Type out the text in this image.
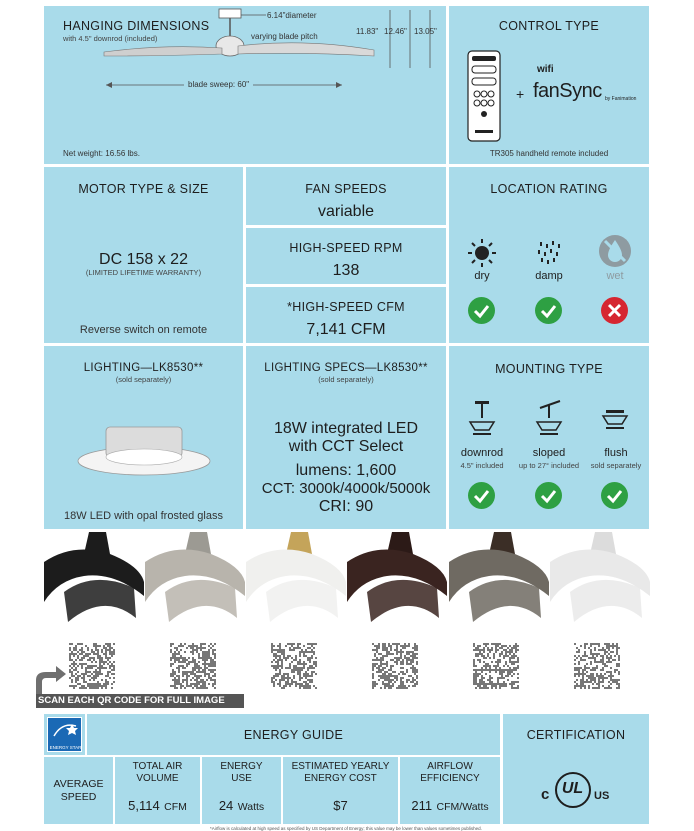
HANGING DIMENSIONS
with 4.5" downrod (included)
6.14"diameter
varying blade pitch
11.83" 12.46" 13.05"
blade sweep: 60"
Net weight: 16.56 lbs.
CONTROL TYPE
+
wifi
fanSync by Fanimation
TR305 handheld remote included
MOTOR TYPE & SIZE
DC 158 x 22
(LIMITED LIFETIME WARRANTY)
Reverse switch on remote
FAN SPEEDS
variable
HIGH-SPEED RPM
138
*HIGH-SPEED CFM
7,141 CFM
LOCATION RATING
dry	damp	wet
LIGHTING—LK8530**
(sold separately)
18W LED with opal frosted glass
LIGHTING SPECS—LK8530**
(sold separately)
18W integrated LED
with CCT Select
lumens: 1,600
CCT: 3000k/4000k/5000k
CRI: 90
MOUNTING TYPE
downrod
4.5" included
sloped
up to 27° included
flush
sold separately
SCAN EACH QR CODE FOR FULL IMAGE
ENERGY STAR
ENERGY GUIDE
AVERAGE SPEED
TOTAL AIR VOLUME
5,114 CFM
ENERGY USE
24 Watts
ESTIMATED YEARLY ENERGY COST
$7
AIRFLOW EFFICIENCY
211 CFM/Watts
CERTIFICATION
c UL US
*Airflow is calculated at high speed as specified by US Department of Energy; this value may be lower than values sometimes published.
